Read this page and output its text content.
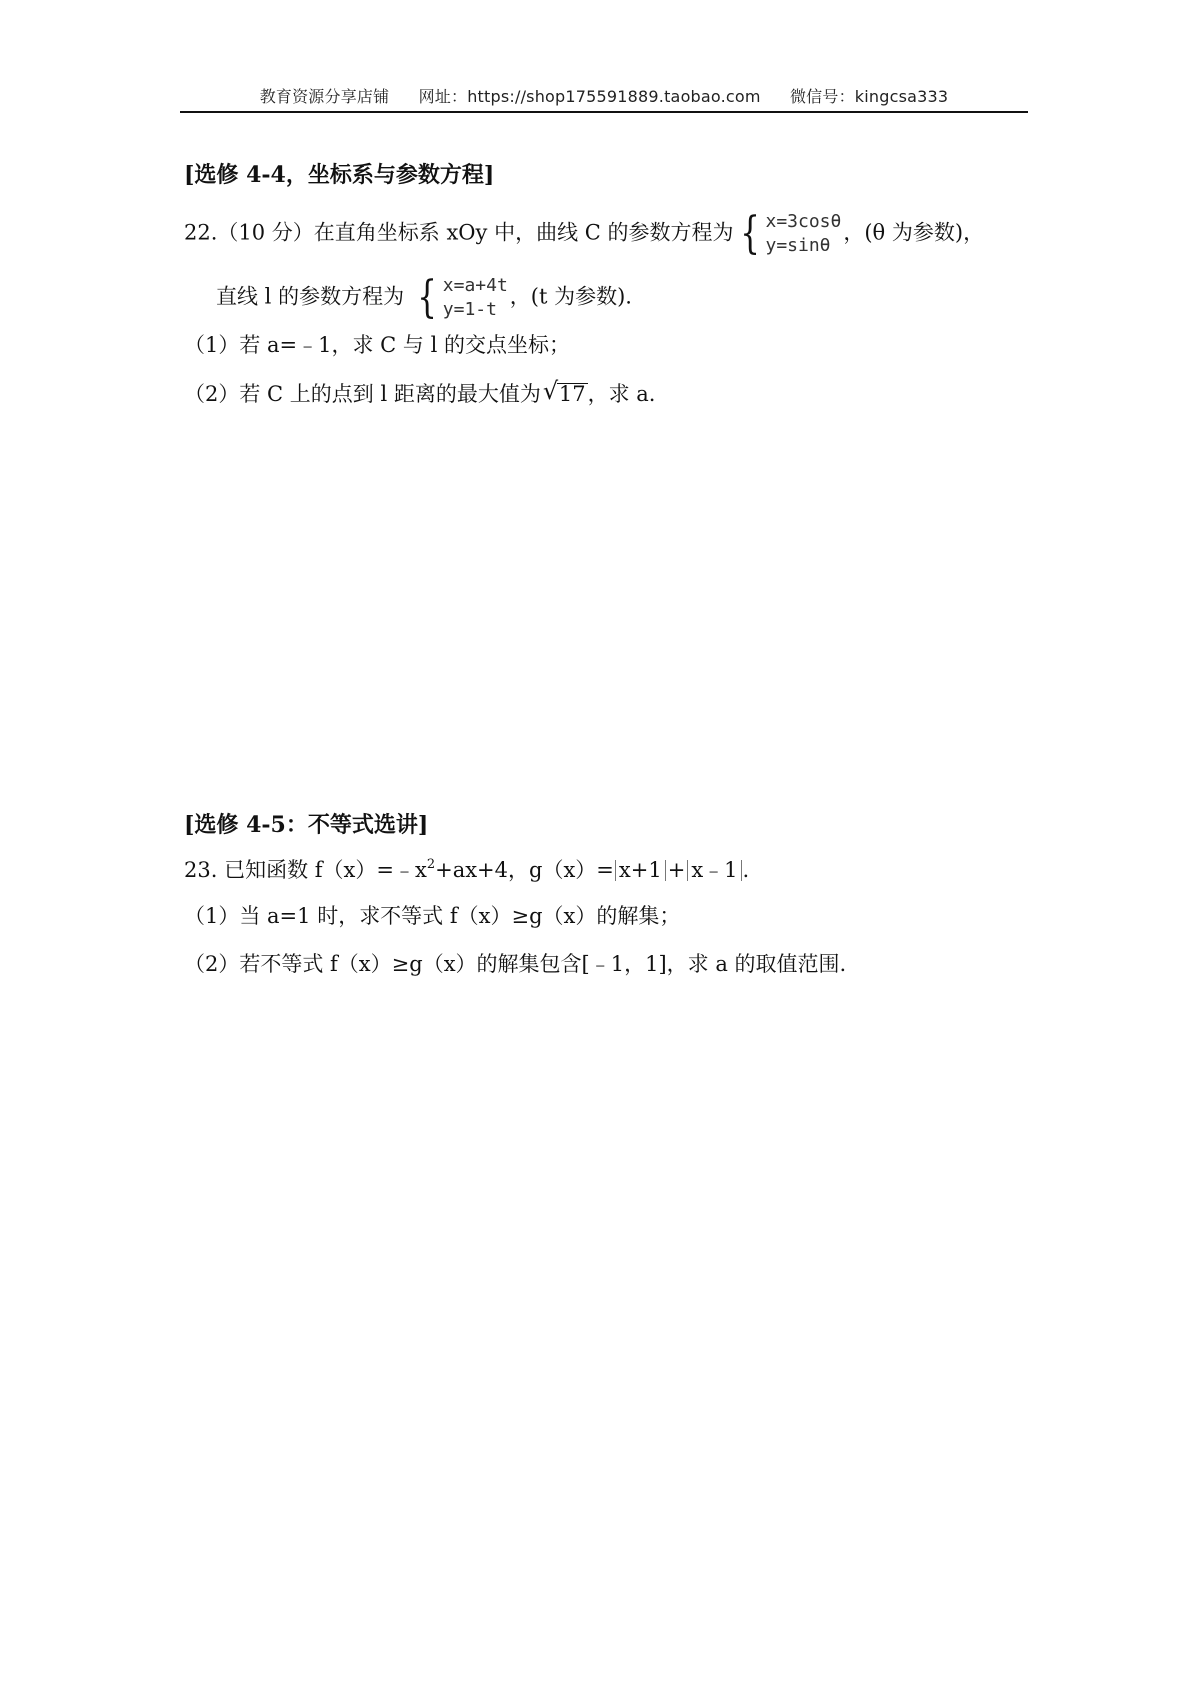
教育资源分享店铺 网址：https://shop175591889.taobao.com 微信号：kingcsa333
[选修 4-4，坐标系与参数方程]
22.（10 分）在直角坐标系 xOy 中，曲线 C 的参数方程为 { x=3cosθ
y=sinθ，(θ 为参数)，
直线 l 的参数方程为 { x=a+4t
y=1-t，(t 为参数).
（1）若 a=﹣1，求 C 与 l 的交点坐标；
（2）若 C 上的点到 l 距离的最大值为 √ 17，求 a.
[选修 4-5：不等式选讲]
23. 已知函数 $f(x)=﹣x^2+ax+4$，g（x）= x+1 + x﹣1 .
（1）当 a=1 时，求不等式 f（x）≥g（x）的解集；
（2）若不等式 f（x）≥g（x）的解集包含[﹣1，1]，求 a 的取值范围.
